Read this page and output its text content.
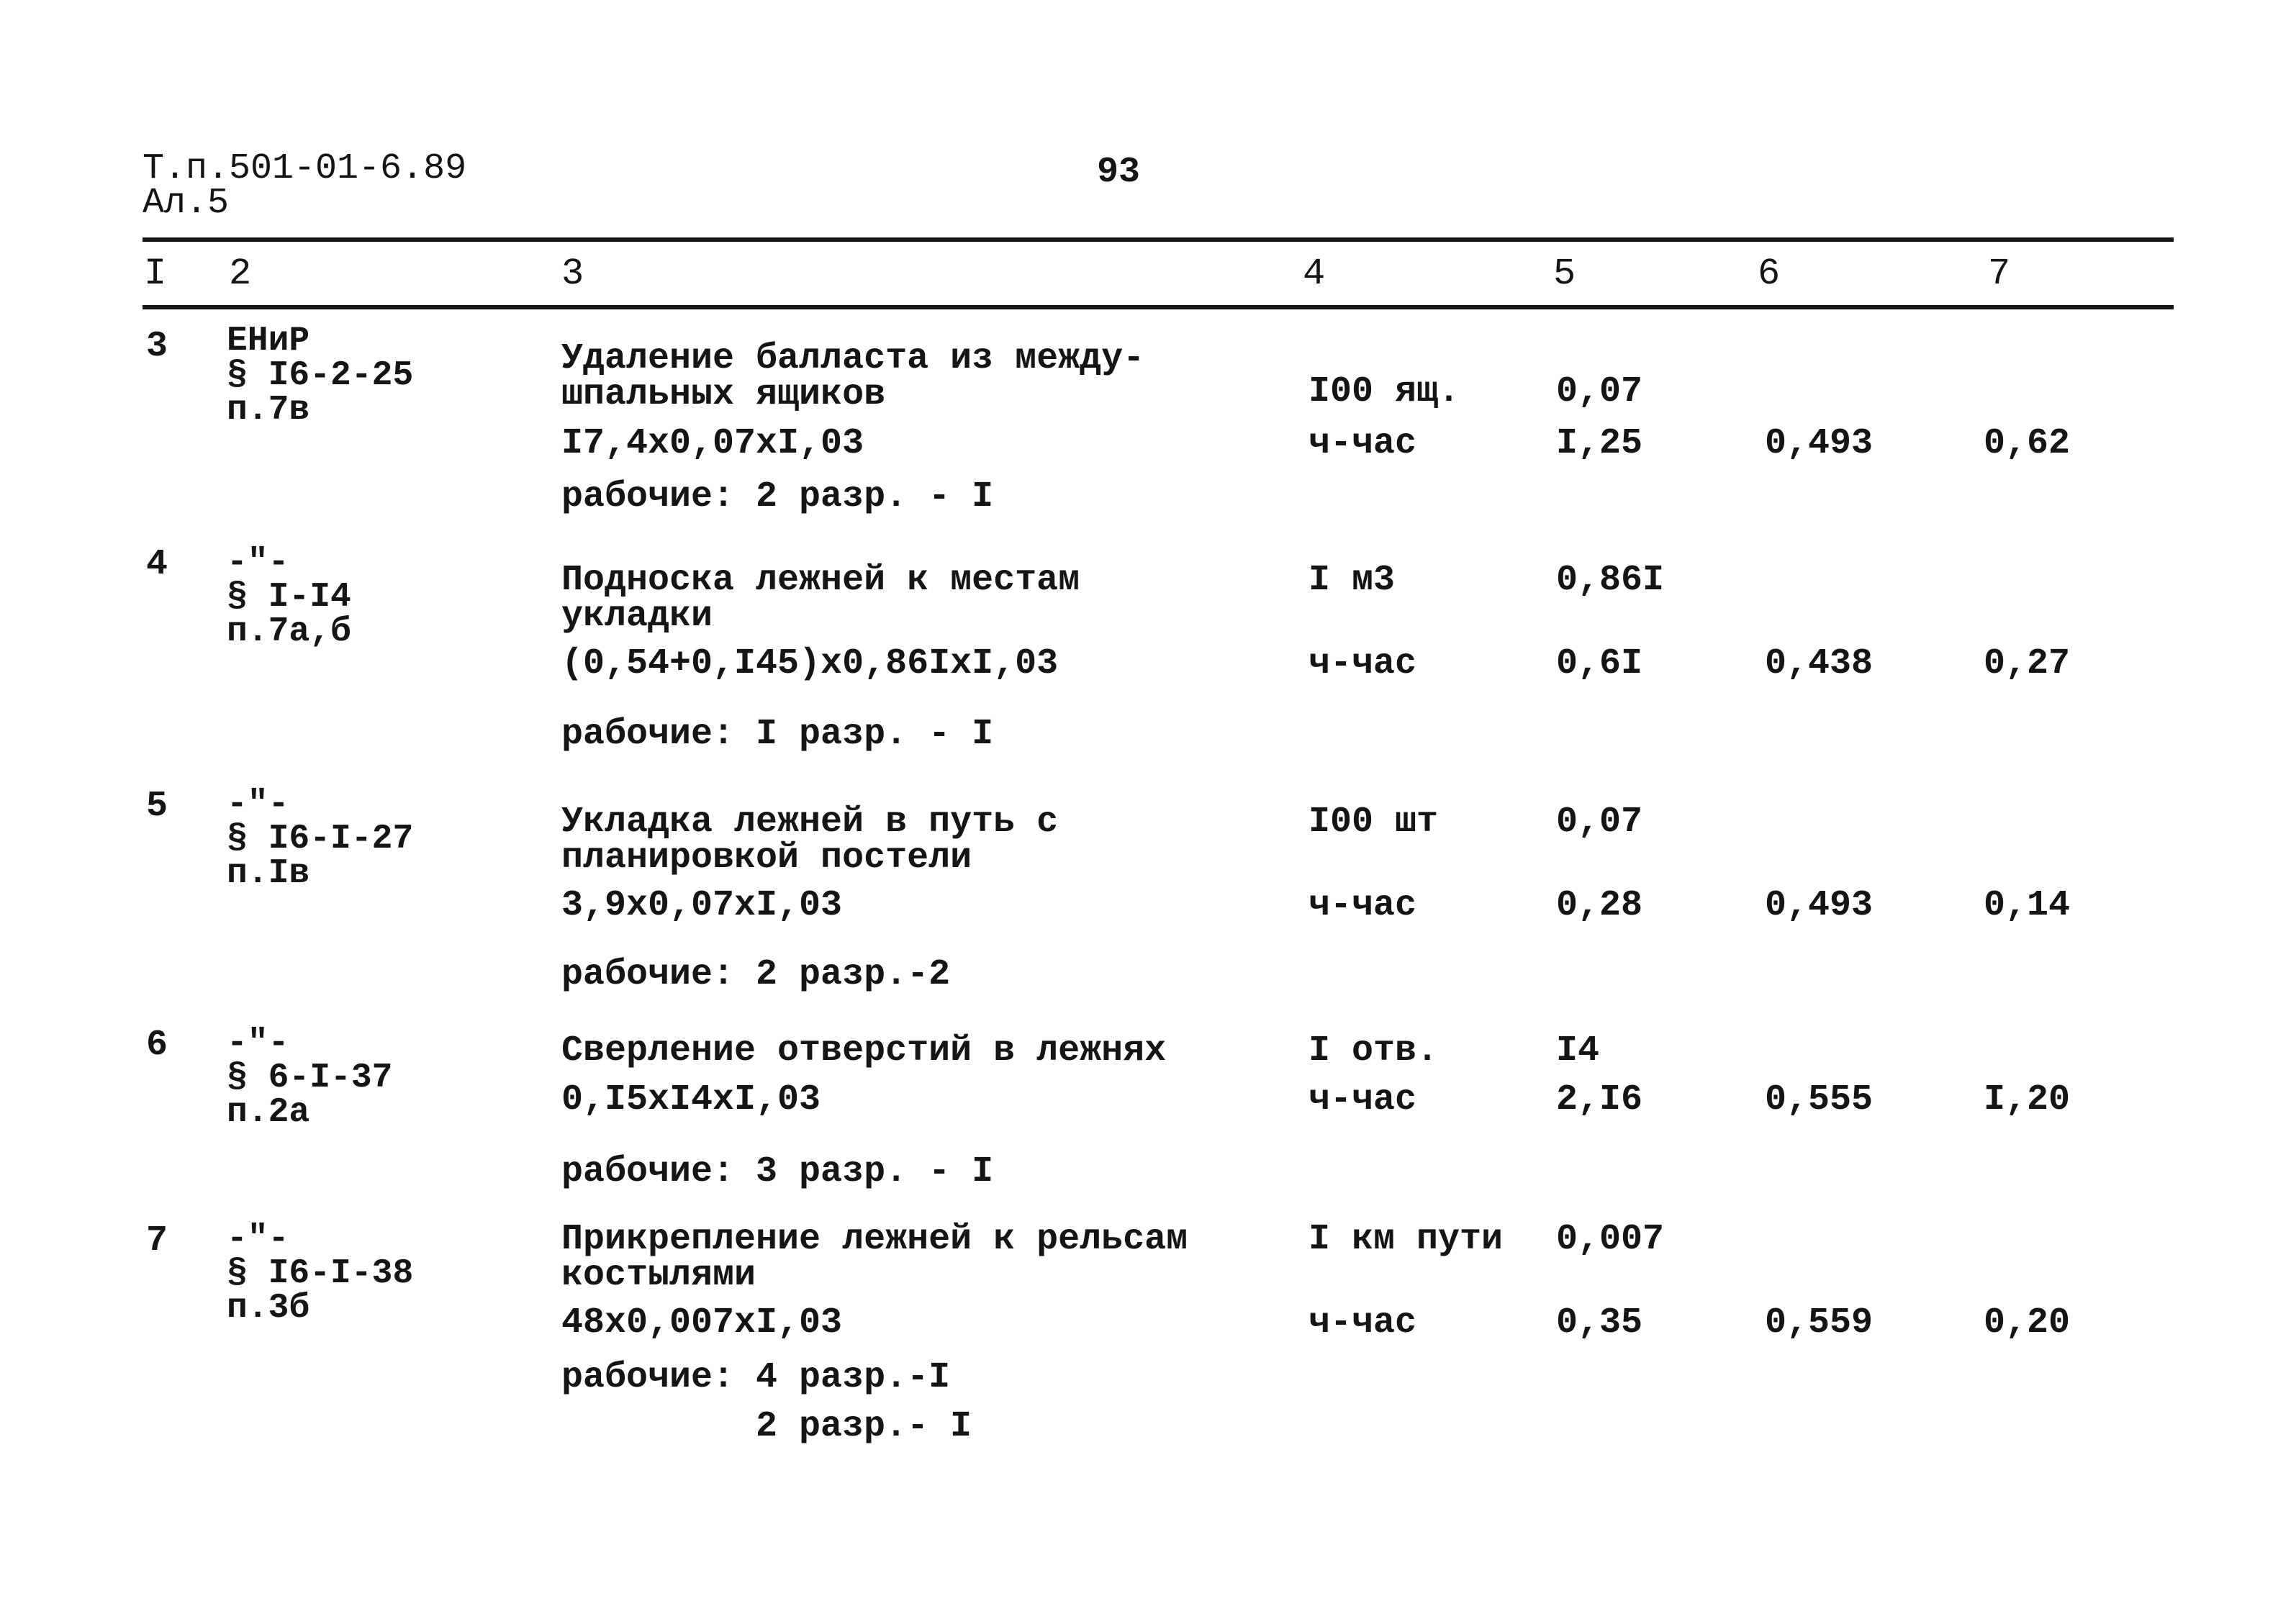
Т.п.501-01-6.89
Ал.5
93
I 2	3	4	5	6	7
3 ЕНиР
§ I6-2-25
п.7в
Удаление балласта из между-
шпальных ящиков	I00 ящ.	0,07
I7,4x0,07xI,03	ч-час	I,25	0,493	0,62
рабочие: 2 разр. - I
4 -"-
§ I-I4
п.7а,б
Подноска лежней к местам
укладки
I м3	0,86I
(0,54+0,I45)x0,86IxI,03	ч-час	0,6I	0,438	0,27
рабочие: I разр. - I
5 -"-
§ I6-I-27
п.Iв
Укладка лежней в путь с
планировкой постели
I00 шт	0,07
3,9x0,07xI,03	ч-час	0,28	0,493	0,14
рабочие: 2 разр.-2
6 -"-
§ 6-I-37
п.2а
Сверление отверстий в лежнях	I отв.	I4
0,I5xI4xI,03	ч-час	2,I6	0,555	I,20
рабочие: 3 разр. - I
7 -"-
§ I6-I-38
п.3б
Прикрепление лежней к рельсам
костылями
I км пути 0,007
48x0,007xI,03	ч-час	0,35	0,559	0,20
рабочие: 4 разр.-I
2 разр.- I
